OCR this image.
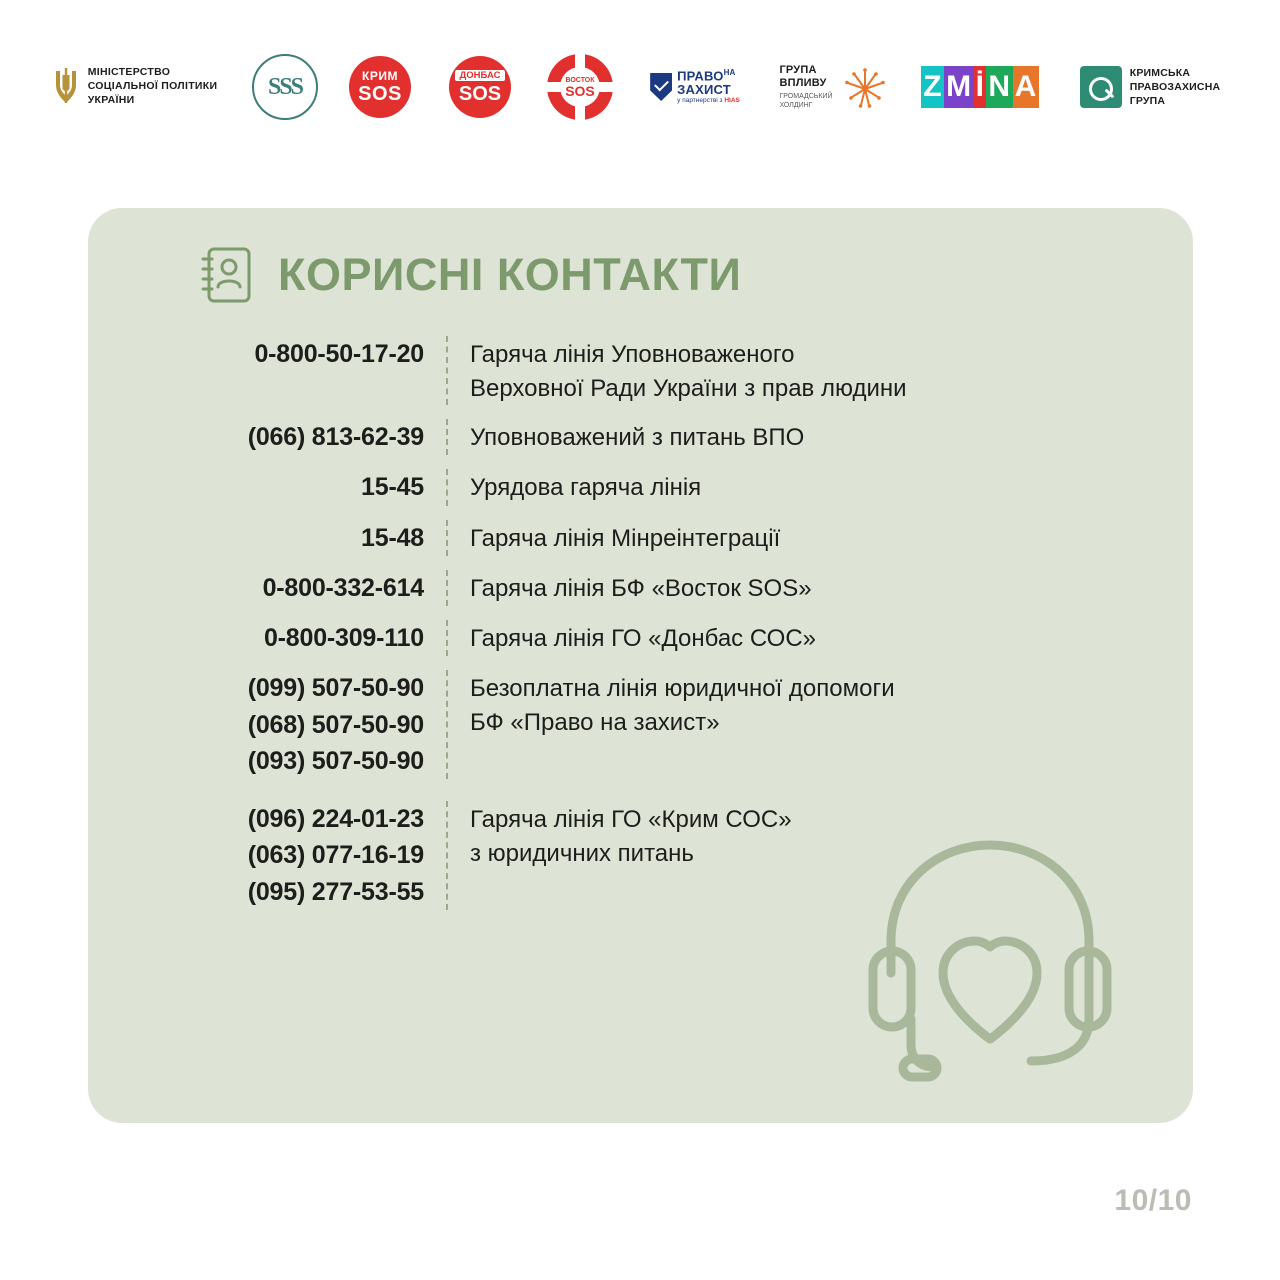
МІНІСТЕРСТВО
СОЦІАЛЬНОЇ ПОЛІТИКИ
УКРАЇНИ
SSS	КРИМ
SOS
ДОНБАС
SOS
ВОСТОК
SOS
$ПРАВО^{НА}$
ЗАХИСТ
у партнерстві з HIAS
ГРУПА
ВПЛИВУ
ГРОМАДСЬКИЙ
ХОЛДИНГ
Z M İ N A	КРИМСЬКА
ПРАВОЗАХИСНА
ГРУПА
КОРИСНІ КОНТАКТИ
0-800-50-17-20 Гаряча лінія Уповноваженого
Верховної Ради України з прав людини
(066) 813-62-39 Уповноважений з питань ВПО
15-45 Урядова гаряча лінія
15-48 Гаряча лінія Мінреінтеграції
0-800-332-614 Гаряча лінія БФ «Восток SOS»
0-800-309-110 Гаряча лінія ГО «Донбас СОС»
(099) 507-50-90
(068) 507-50-90
(093) 507-50-90
Безоплатна лінія юридичної допомоги
БФ «Право на захист»
(096) 224-01-23
(063) 077-16-19
(095) 277-53-55
Гаряча лінія ГО «Крим СОС»
з юридичних питань
10/10
